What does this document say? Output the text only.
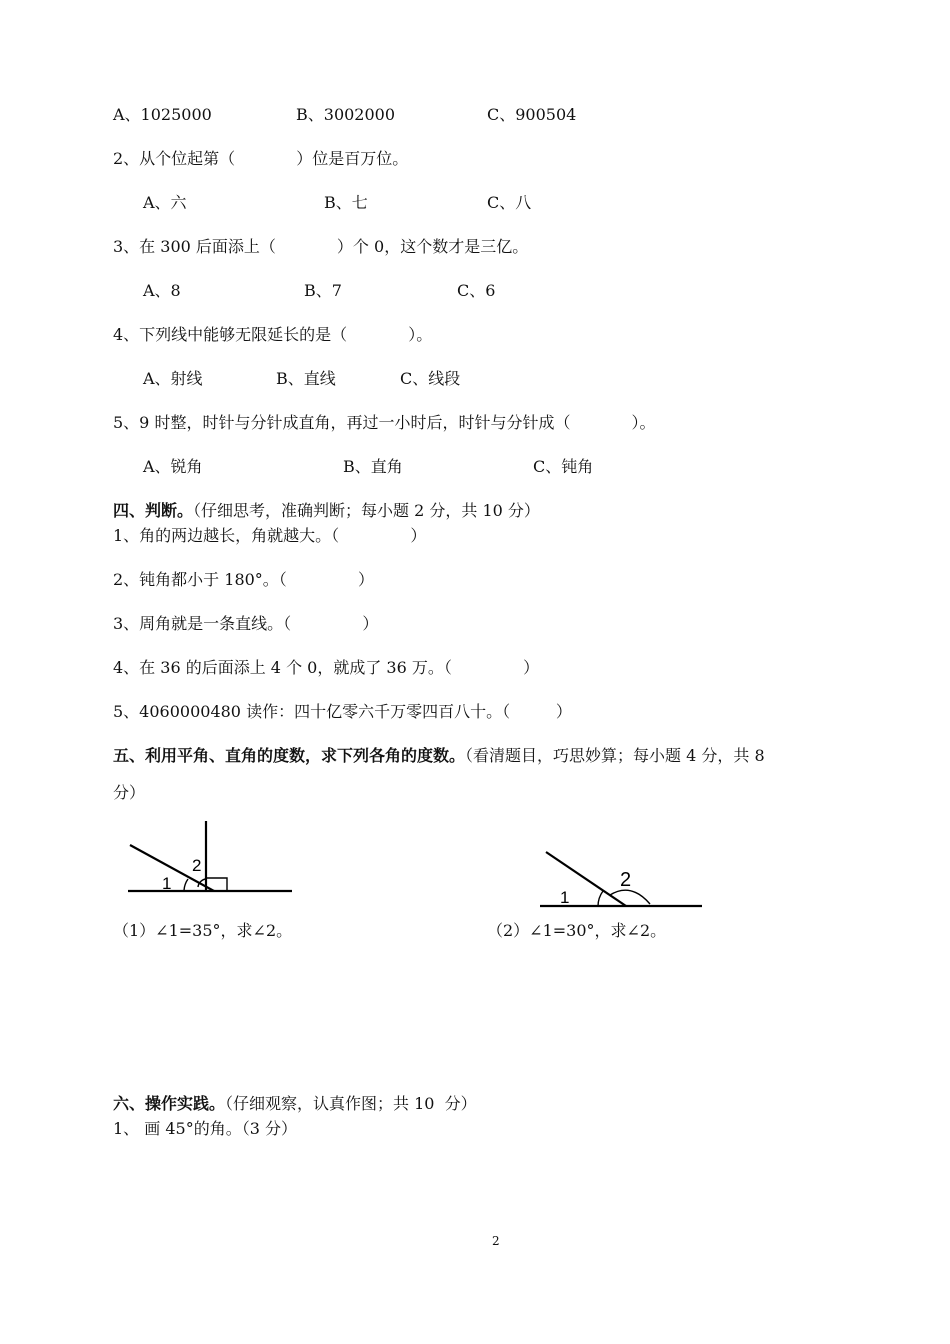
A、1025000	B、3002000	C、900504
2、从个位起第（            ）位是百万位。
A、六	B、七	C、八
3、在 300 后面添上（            ）个 0，这个数才是三亿。
A、8	B、7	C、6
4、下列线中能够无限延长的是（            ）。
A、射线	B、直线	C、线段
5、9 时整，时针与分针成直角，再过一小时后，时针与分针成（            ）。
A、锐角	B、直角	C、钝角
四、判断。（仔细思考，准确判断；每小题 2 分，共 10 分）
1、角的两边越长，角就越大。（              ）
2、钝角都小于 180°。（              ）
3、周角就是一条直线。（              ）
4、在 36 的后面添上 4 个 0，就成了 36 万。（              ）
5、4060000480 读作：四十亿零六千万零四百八十。（         ）
五、利用平角、直角的度数，求下列各角的度数。（看清题目，巧思妙算；每小题 4 分，共 8
分）
1
2
（1）∠1=35°，求∠2。
1
2
（2）∠1=30°，求∠2。
六、操作实践。（仔细观察，认真作图；共 10  分）
1、 画 45°的角。（3 分）
2
